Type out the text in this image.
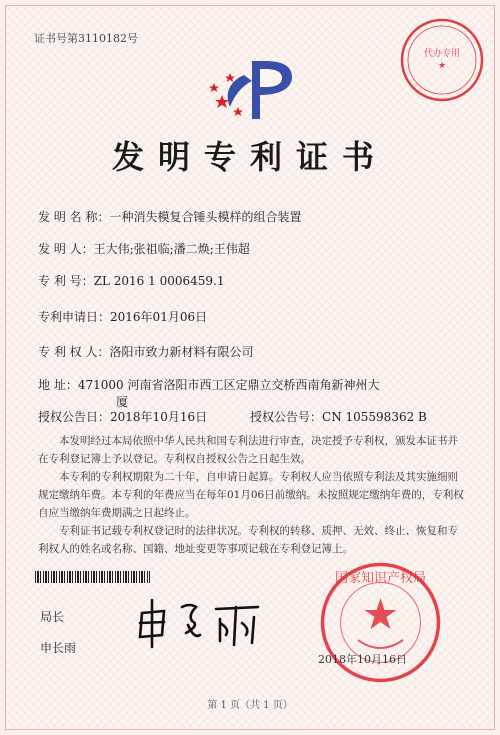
证书号第3110182号
代办专用
★
发明专利证书
发 明 名 称：一种消失模复合锤头模样的组合装置
发 明 人：王大伟;张祖临;潘二焕;王伟超
专 利 号：ZL 2016 1 0006459.1
专利申请日：2016年01月06日
专 利 权 人：洛阳市致力新材料有限公司
地 址：471000 河南省洛阳市西工区定鼎立交桥西南角新神州大
厦
授权公告日：2018年10月16日	授权公告号：CN 105598362 B
本发明经过本局依照中华人民共和国专利法进行审查，决定授予专利权，颁发本证书并在专利登记簿上予以登记。专利权自授权公告之日起生效。
本专利的专利权期限为二十年，自申请日起算。专利权人应当依照专利法及其实施细则规定缴纳年费。本专利的年费应当在每年01月06日前缴纳。未按照规定缴纳年费的，专利权自应当缴纳年费期满之日起终止。
专利证书记载专利权登记时的法律状况。专利权的转移、质押、无效、终止、恢复和专利权人的姓名或名称、国籍、地址变更等事项记载在专利登记簿上。
局长
申长雨
国家知识产权局
2018年10月16日
第 1 页（共 1 页）
